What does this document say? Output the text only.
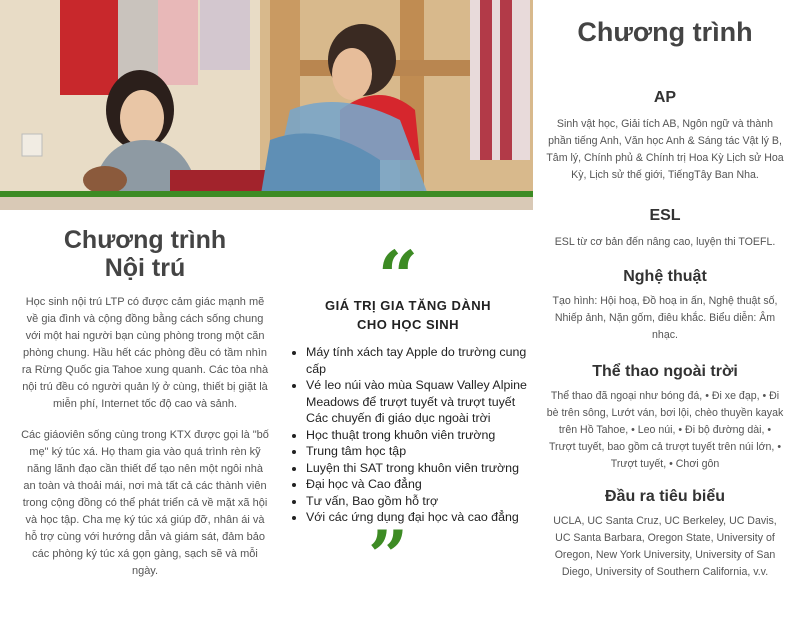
Chương trình
Nội trú

Học sinh nội trú LTP có được cảm giác mạnh mẽ về gia đình và cộng đồng bằng cách sống chung với một hai người bạn cùng phòng trong một căn phòng chung. Hầu hết các phòng đều có tầm nhìn ra Rừng Quốc gia Tahoe xung quanh. Các tòa nhà nội trú đều có người quản lý ở cùng, thiết bị giặt là miễn phí, Internet tốc độ cao và sảnh.

Các giáoviên sống cùng trong KTX được gọi là "bố mẹ" ký túc xá. Họ tham gia vào quá trình rèn kỹ năng lãnh đạo cần thiết để tạo nên một ngôi nhà an toàn và thoải mái, nơi mà tất cả các thành viên trong cộng đồng có thể phát triển cả về mặt xã hội và học tập. Cha mẹ ký túc xá giúp đỡ, nhân ái và hỗ trợ cùng với hướng dẫn và giám sát, đảm bảo các phòng ký túc xá gọn gàng, sạch sẽ và mỗi ngày.

“
GIÁ TRỊ GIA TĂNG DÀNH
CHO HỌC SINH
• Máy tính xách tay Apple do trường cung cấp
• Vé leo núi vào mùa Squaw Valley Alpine Meadows để trượt tuyết và trượt tuyết
Các chuyến đi giáo dục ngoài trời
• Học thuật trong khuôn viên trường
• Trung tâm học tập
• Luyện thi SAT trong khuôn viên trường
• Đại học và Cao đẳng
• Tư vấn, Bao gồm hỗ trợ
• Với các ứng dụng đại học và cao đẳng
”
Chương trình
AP

Sinh vật học, Giải tích AB, Ngôn ngữ và thành phần tiếng Anh, Văn học Anh & Sáng tác Vật lý B, Tâm lý, Chính phủ & Chính trị Hoa Kỳ Lịch sử Hoa Kỳ, Lịch sử thế giới, TiếngTây Ban Nha.

ESL

ESL từ cơ bản đến nâng cao, luyện thi TOEFL.

Nghệ thuật

Tạo hình: Hội hoạ, Đồ hoạ in ấn, Nghệ thuật số, Nhiếp ảnh, Nặn gốm, điêu khắc. Biểu diễn: Âm nhạc.

Thể thao ngoài trời

Thể thao đã ngoại như bóng đá, • Đi xe đạp, • Đi bè trên sông, Lướt ván, bơi lội, chèo thuyền kayak trên Hồ Tahoe, • Leo núi, • Đi bộ đường dài, • Trượt tuyết, bao gồm cả trượt tuyết trên núi lớn, • Trượt tuyết, • Chơi gôn

Đầu ra tiêu biểu

UCLA, UC Santa Cruz, UC Berkeley, UC Davis, UC Santa Barbara, Oregon State, University of Oregon, New York University, University of San Diego, University of Southern California, v.v.
